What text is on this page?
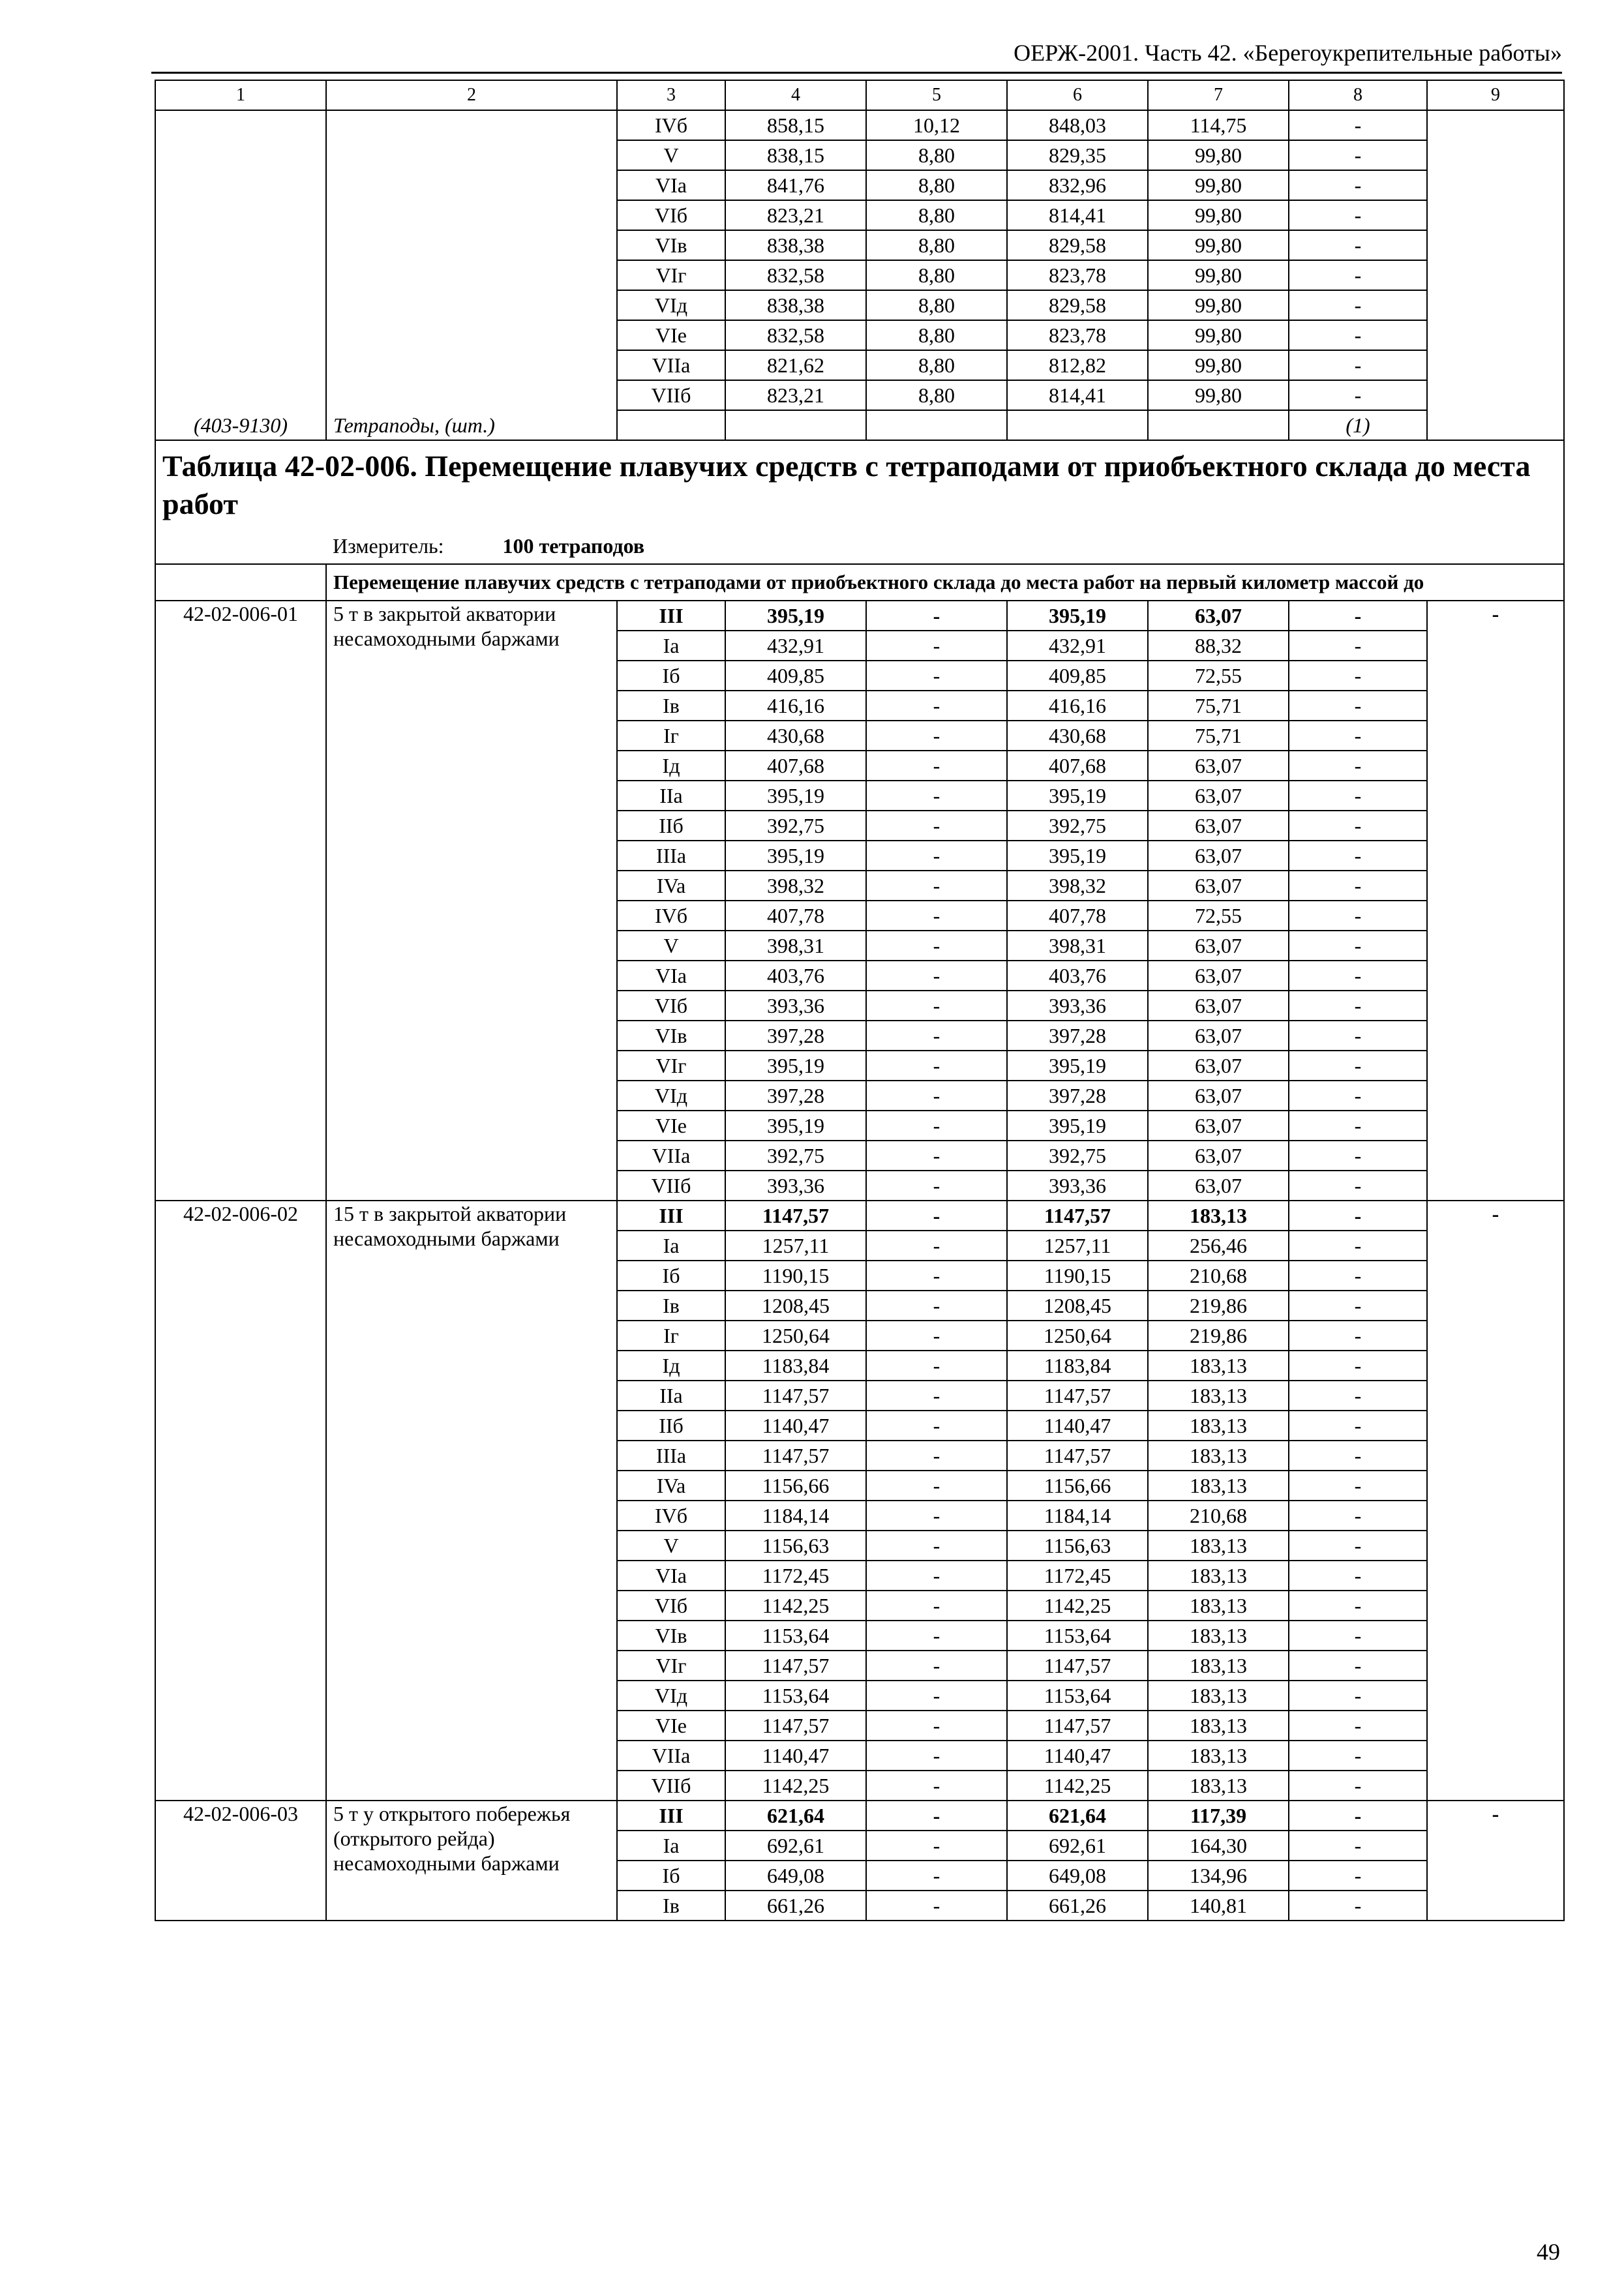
ОЕРЖ-2001. Часть 42. «Берегоукрепительные работы»
1	2	3	4	5	6	7	8	9
		IVб	858,15	10,12	848,03	114,75	-	
		V	838,15	8,80	829,35	99,80	-	
		VIa	841,76	8,80	832,96	99,80	-	
		VIб	823,21	8,80	814,41	99,80	-	
		VIв	838,38	8,80	829,58	99,80	-	
		VIг	832,58	8,80	823,78	99,80	-	
		VIд	838,38	8,80	829,58	99,80	-	
		VIe	832,58	8,80	823,78	99,80	-	
		VIIa	821,62	8,80	812,82	99,80	-	
		VIIб	823,21	8,80	814,41	99,80	-	
(403-9130)	Тетраподы, (шт.)						(1)	
Таблица 42-02-006. Перемещение плавучих средств с тетраподами от приобъектного склада до места работ								
	Измеритель: 100 тетраподов							
	Перемещение плавучих средств с тетраподами от приобъектного склада до места работ на первый километр массой до							
42-02-006-01	5 т в закрытой акватории несамоходными баржами	III	395,19	-	395,19	63,07	-	-
		Ia	432,91	-	432,91	88,32	-	
		Iб	409,85	-	409,85	72,55	-	
		Iв	416,16	-	416,16	75,71	-	
		Iг	430,68	-	430,68	75,71	-	
		Iд	407,68	-	407,68	63,07	-	
		IIa	395,19	-	395,19	63,07	-	
		IIб	392,75	-	392,75	63,07	-	
		IIIa	395,19	-	395,19	63,07	-	
		IVa	398,32	-	398,32	63,07	-	
		IVб	407,78	-	407,78	72,55	-	
		V	398,31	-	398,31	63,07	-	
		VIa	403,76	-	403,76	63,07	-	
		VIб	393,36	-	393,36	63,07	-	
		VIв	397,28	-	397,28	63,07	-	
		VIг	395,19	-	395,19	63,07	-	
		VIд	397,28	-	397,28	63,07	-	
		VIe	395,19	-	395,19	63,07	-	
		VIIa	392,75	-	392,75	63,07	-	
		VIIб	393,36	-	393,36	63,07	-	
42-02-006-02	15 т в закрытой акватории несамоходными баржами	III	1147,57	-	1147,57	183,13	-	-
		Ia	1257,11	-	1257,11	256,46	-	
		Iб	1190,15	-	1190,15	210,68	-	
		Iв	1208,45	-	1208,45	219,86	-	
		Iг	1250,64	-	1250,64	219,86	-	
		Iд	1183,84	-	1183,84	183,13	-	
		IIa	1147,57	-	1147,57	183,13	-	
		IIб	1140,47	-	1140,47	183,13	-	
		IIIa	1147,57	-	1147,57	183,13	-	
		IVa	1156,66	-	1156,66	183,13	-	
		IVб	1184,14	-	1184,14	210,68	-	
		V	1156,63	-	1156,63	183,13	-	
		VIa	1172,45	-	1172,45	183,13	-	
		VIб	1142,25	-	1142,25	183,13	-	
		VIв	1153,64	-	1153,64	183,13	-	
		VIг	1147,57	-	1147,57	183,13	-	
		VIд	1153,64	-	1153,64	183,13	-	
		VIe	1147,57	-	1147,57	183,13	-	
		VIIa	1140,47	-	1140,47	183,13	-	
		VIIб	1142,25	-	1142,25	183,13	-	
42-02-006-03	5 т у открытого побережья (открытого рейда) несамоходными баржами	III	621,64	-	621,64	117,39	-	-
		Ia	692,61	-	692,61	164,30	-	
		Iб	649,08	-	649,08	134,96	-	
		Iв	661,26	-	661,26	140,81	-	
49
